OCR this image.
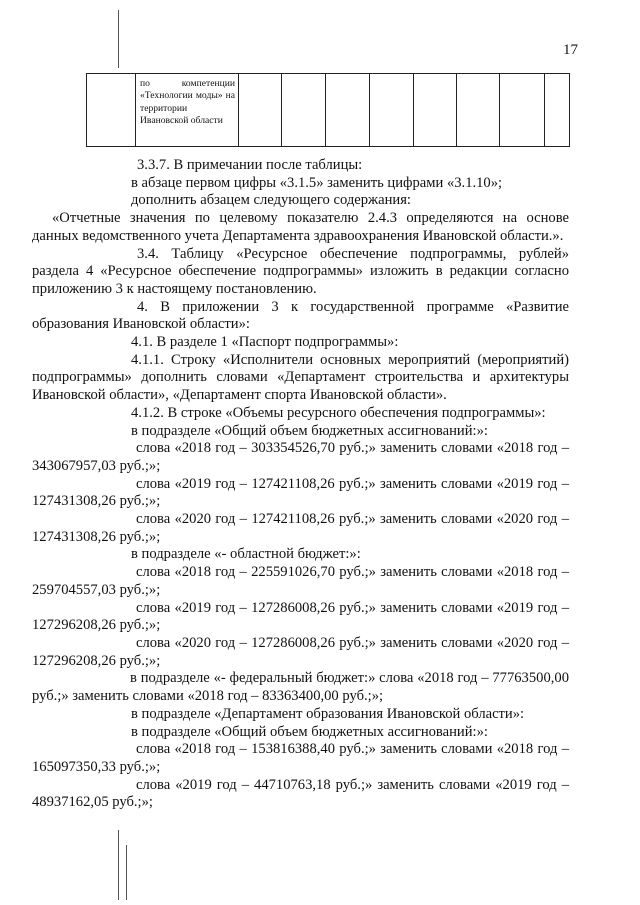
17

по компетенции «Технологии моды» на территории Ивановской области

3.3.7. В примечании после таблицы:

в абзаце первом цифры «3.1.5» заменить цифрами «3.1.10»;

дополнить абзацем следующего содержания:

«Отчетные значения по целевому показателю 2.4.3 определяются на основе данных ведомственного учета Департамента здравоохранения Ивановской области.».

3.4. Таблицу «Ресурсное обеспечение подпрограммы, рублей» раздела 4 «Ресурсное обеспечение подпрограммы» изложить в редакции согласно приложению 3 к настоящему постановлению.

4. В приложении 3 к государственной программе «Развитие образования Ивановской области»:

4.1. В разделе 1 «Паспорт подпрограммы»:

4.1.1. Строку «Исполнители основных мероприятий (мероприятий) подпрограммы» дополнить словами «Департамент строительства и архитектуры Ивановской области», «Департамент спорта Ивановской области».

4.1.2. В строке «Объемы ресурсного обеспечения подпрограммы»:

в подразделе «Общий объем бюджетных ассигнований:»:

слова «2018 год – 303354526,70 руб.;» заменить словами «2018 год – 343067957,03 руб.;»;

слова «2019 год – 127421108,26 руб.;» заменить словами «2019 год – 127431308,26 руб.;»;

слова «2020 год – 127421108,26 руб.;» заменить словами «2020 год – 127431308,26 руб.;»;

в подразделе «- областной бюджет:»:

слова «2018 год – 225591026,70 руб.;» заменить словами «2018 год – 259704557,03 руб.;»;

слова «2019 год – 127286008,26 руб.;» заменить словами «2019 год – 127296208,26 руб.;»;

слова «2020 год – 127286008,26 руб.;» заменить словами «2020 год – 127296208,26 руб.;»;

в подразделе «- федеральный бюджет:» слова «2018 год – 77763500,00 руб.;» заменить словами «2018 год – 83363400,00 руб.;»;

в подразделе «Департамент образования Ивановской области»:

в подразделе «Общий объем бюджетных ассигнований:»:

слова «2018 год – 153816388,40 руб.;» заменить словами «2018 год – 165097350,33 руб.;»;

слова «2019 год – 44710763,18 руб.;» заменить словами «2019 год – 48937162,05 руб.;»;
